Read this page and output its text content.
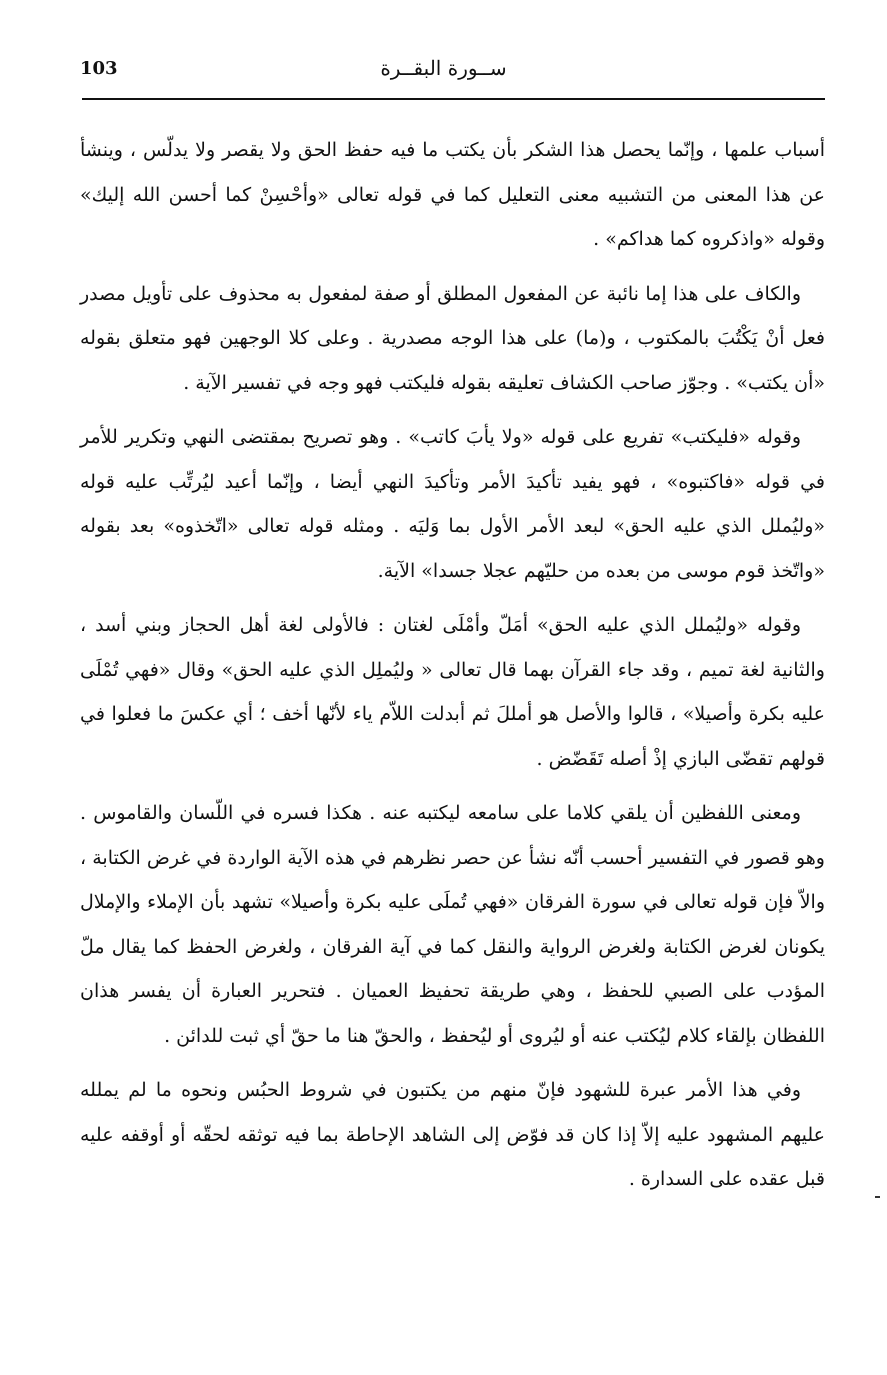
103	ســورة البقــرة

أسباب علمها ، وإنّما يحصل هذا الشكر بأن يكتب ما فيه حفظ الحق ولا يقصر ولا يدلّس ، وينشأ عن هذا المعنى من التشبيه معنى التعليل كما في قوله تعالى «وأحْسِنْ كما أحسن الله إليك» وقوله «واذكروه كما هداكم» .

والكاف على هذا إما نائبة عن المفعول المطلق أو صفة لمفعول به محذوف على تأويل مصدر فعل أنْ يَكْتُبَ بالمكتوب ، و(ما) على هذا الوجه مصدرية . وعلى كلا الوجهين فهو متعلق بقوله «أن يكتب» . وجوّز صاحب الكشاف تعليقه بقوله فليكتب فهو وجه في تفسير الآية .

وقوله «فليكتب» تفريع على قوله «ولا يأبَ كاتب» . وهو تصريح بمقتضى النهي وتكرير للأمر في قوله «فاكتبوه» ، فهو يفيد تأكيدَ الأمر وتأكيدَ النهي أيضا ، وإنّما أعيد ليُرتِّب عليه قوله «وليُملل الذي عليه الحق» لبعد الأمر الأول بما وَليَه . ومثله قوله تعالى «اتّخذوه» بعد بقوله «واتّخذ قوم موسى من بعده من حليّهم عجلا جسدا» الآية.

وقوله «وليُملل الذي عليه الحق» أمَلّ وأمْلَى لغتان : فالأولى لغة أهل الحجاز وبني أسد ، والثانية لغة تميم ، وقد جاء القرآن بهما قال تعالى « وليُملِل الذي عليه الحق» وقال «فهي تُمْلَى عليه بكرة وأصيلا» ، قالوا والأصل هو أمللَ ثم أبدلت اللاّم ياء لأنّها أخف ؛ أي عكسَ ما فعلوا في قولهم تقضّى البازي إذْ أصله تَقَضّض .

ومعنى اللفظين أن يلقي كلاما على سامعه ليكتبه عنه . هكذا فسره في اللّسان والقاموس . وهو قصور في التفسير أحسب أنّه نشأ عن حصر نظرهم في هذه الآية الواردة في غرض الكتابة ، والاّ فإن قوله تعالى في سورة الفرقان «فهي تُملَى عليه بكرة وأصيلا» تشهد بأن الإملاء والإملال يكونان لغرض الكتابة ولغرض الرواية والنقل كما في آية الفرقان ، ولغرض الحفظ كما يقال ملّ المؤدب على الصبي للحفظ ، وهي طريقة تحفيظ العميان . فتحرير العبارة أن يفسر هذان اللفظان بإلقاء كلام ليُكتب عنه أو ليُروى أو ليُحفظ ، والحقّ هنا ما حقّ أي ثبت للدائن .

وفي هذا الأمر عبرة للشهود فإنّ منهم من يكتبون في شروط الحبُس ونحوه ما لم يملله عليهم المشهود عليه إلاّ إذا كان قد فوّض إلى الشاهد الإحاطة بما فيه توثقه لحقّه أو أوقفه عليه قبل عقده على السدارة .
